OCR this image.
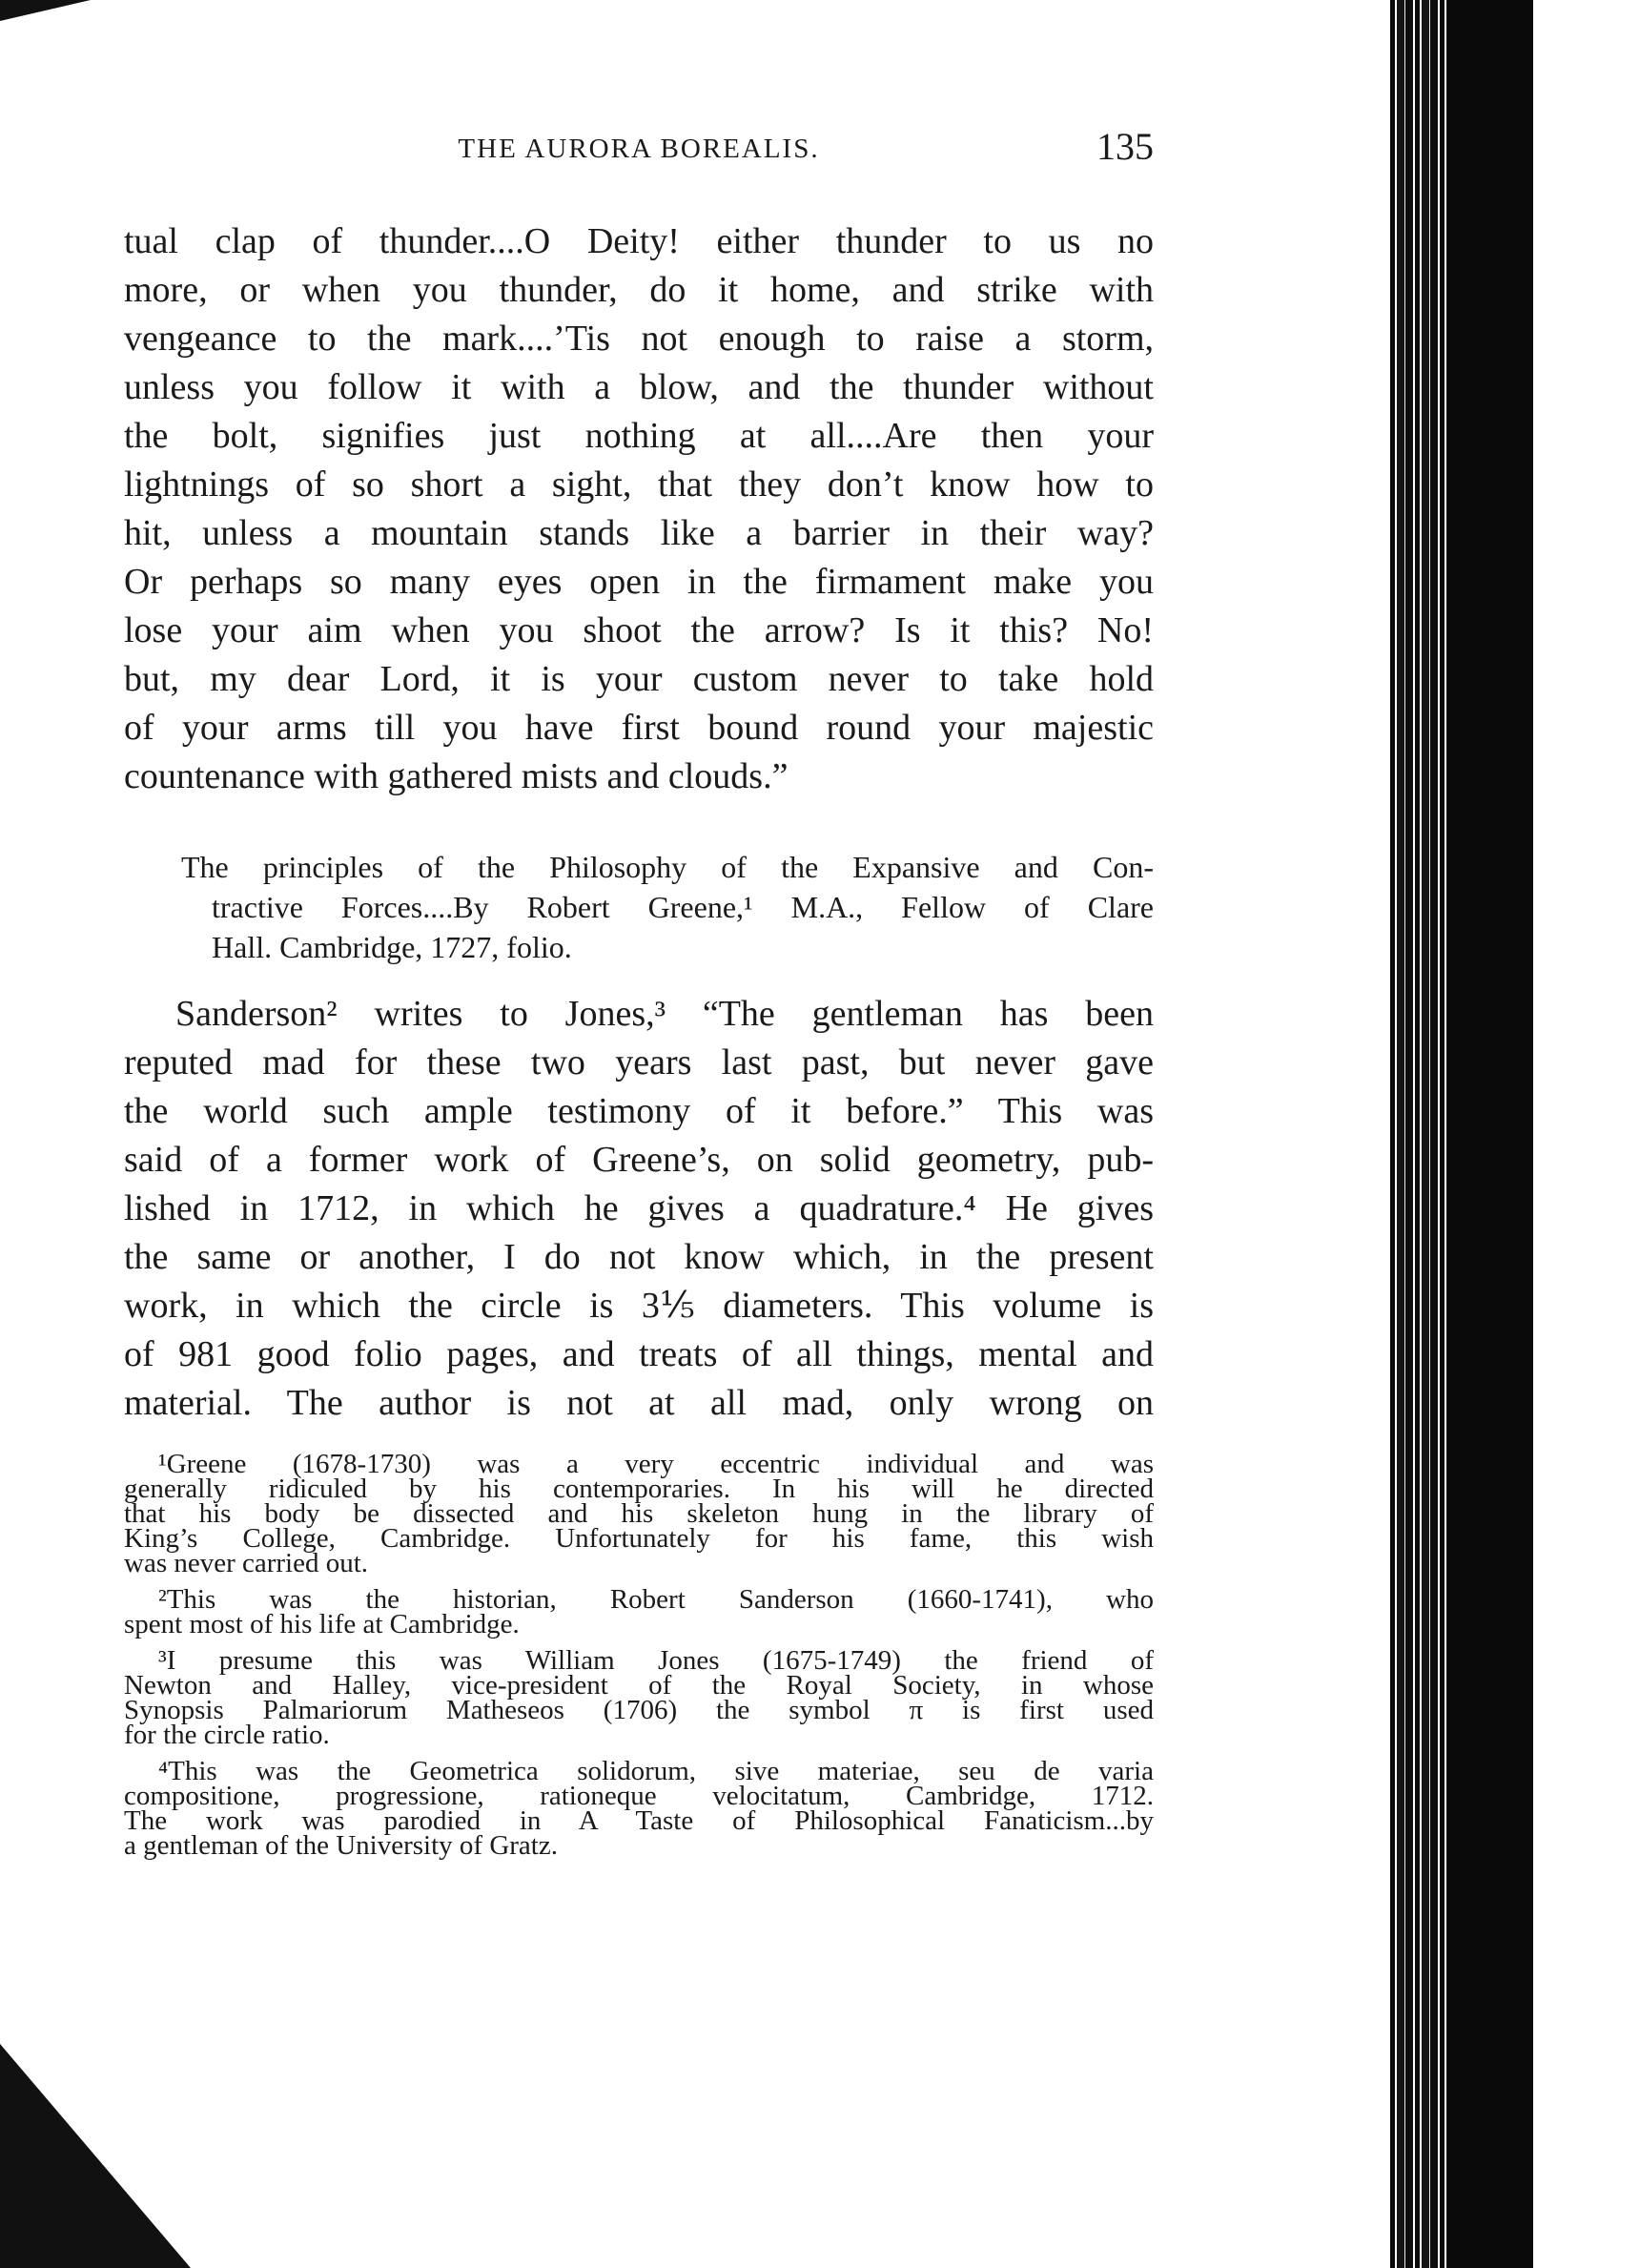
THE AURORA BOREALIS.	135
tual clap of thunder....O Deity! either thunder to us no
more, or when you thunder, do it home, and strike with
vengeance to the mark....’Tis not enough to raise a storm,
unless you follow it with a blow, and the thunder without
the bolt, signifies just nothing at all....Are then your
lightnings of so short a sight, that they don’t know how to
hit, unless a mountain stands like a barrier in their way?
Or perhaps so many eyes open in the firmament make you
lose your aim when you shoot the arrow? Is it this? No!
but, my dear Lord, it is your custom never to take hold
of your arms till you have first bound round your majestic
countenance with gathered mists and clouds.”
The principles of the Philosophy of the Expansive and Con-
tractive Forces....By Robert Greene,¹ M.A., Fellow of Clare
Hall. Cambridge, 1727, folio.
Sanderson² writes to Jones,³ “The gentleman has been
reputed mad for these two years last past, but never gave
the world such ample testimony of it before.” This was
said of a former work of Greene’s, on solid geometry, pub-
lished in 1712, in which he gives a quadrature.⁴ He gives
the same or another, I do not know which, in the present
work, in which the circle is 3⅕ diameters. This volume is
of 981 good folio pages, and treats of all things, mental and
material. The author is not at all mad, only wrong on
¹Greene (1678-1730) was a very eccentric individual and was
generally ridiculed by his contemporaries. In his will he directed
that his body be dissected and his skeleton hung in the library of
King’s College, Cambridge. Unfortunately for his fame, this wish
was never carried out.
²This was the historian, Robert Sanderson (1660-1741), who
spent most of his life at Cambridge.
³I presume this was William Jones (1675-1749) the friend of
Newton and Halley, vice-president of the Royal Society, in whose
Synopsis Palmariorum Matheseos (1706) the symbol π is first used
for the circle ratio.
⁴This was the Geometrica solidorum, sive materiae, seu de varia
compositione, progressione, rationeque velocitatum, Cambridge, 1712.
The work was parodied in A Taste of Philosophical Fanaticism...by
a gentleman of the University of Gratz.
